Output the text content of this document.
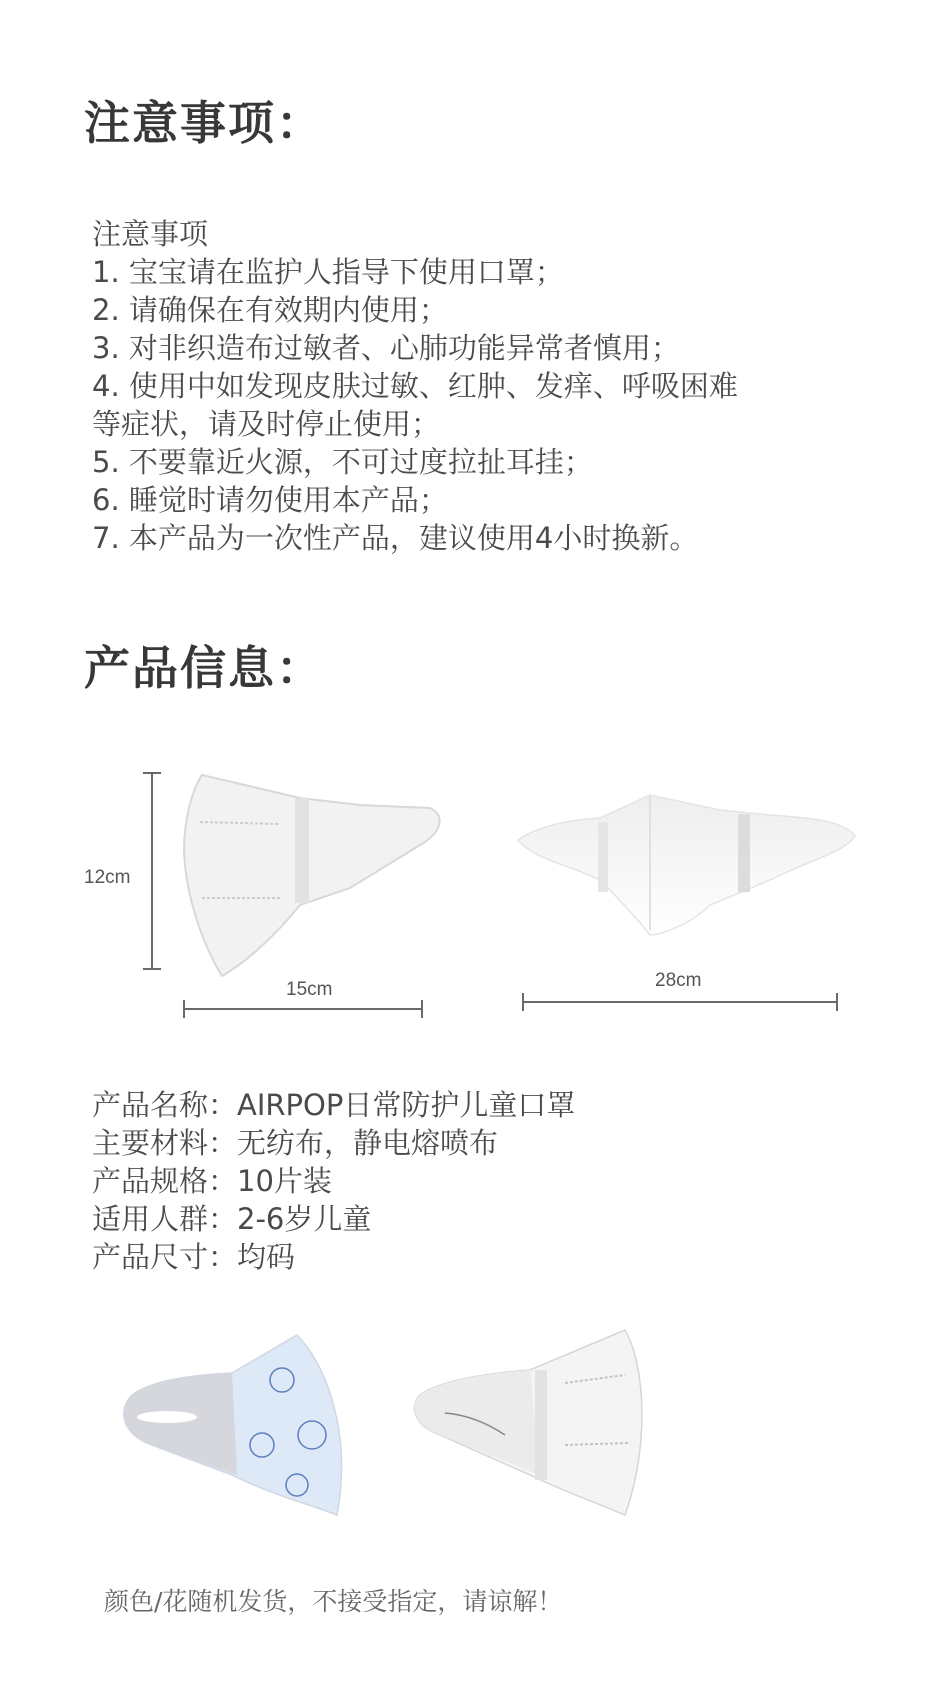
注意事项：
注意事项
1. 宝宝请在监护人指导下使用口罩；
2. 请确保在有效期内使用；
3. 对非织造布过敏者、心肺功能异常者慎用；
4. 使用中如发现皮肤过敏、红肿、发痒、呼吸困难
等症状，请及时停止使用；
5. 不要靠近火源，不可过度拉扯耳挂；
6. 睡觉时请勿使用本产品；
7. 本产品为一次性产品，建议使用4小时换新。
产品信息：
12cm
15cm	28cm
产品名称：AIRPOP日常防护儿童口罩
主要材料：无纺布，静电熔喷布
产品规格：10片装
适用人群：2-6岁儿童
产品尺寸：均码
颜色/花随机发货，不接受指定，请谅解！
